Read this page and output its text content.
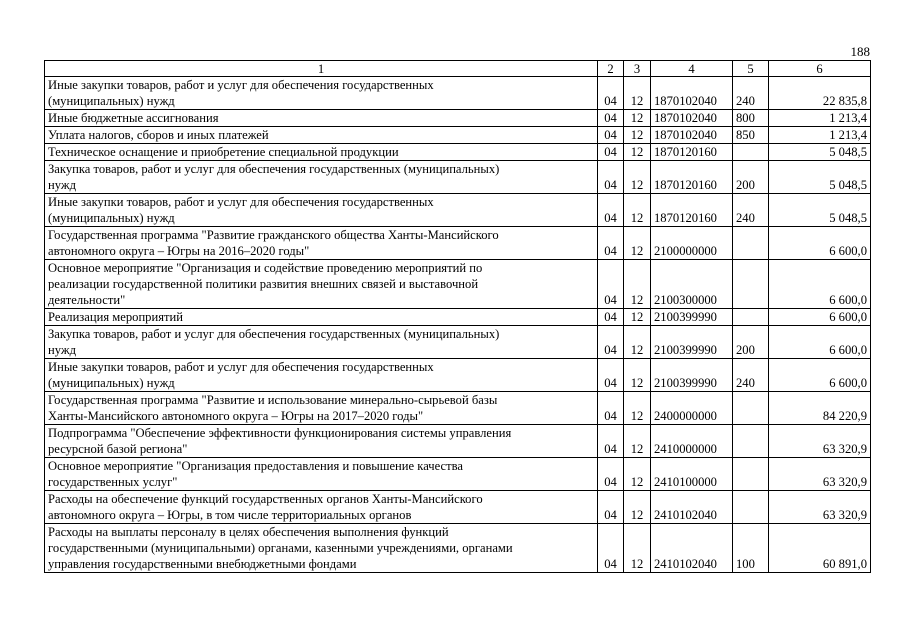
188
1	2	3	4	5	6

Иные закупки товаров, работ и услуг для обеспечения государственных
(муниципальных) нужд	04	12	1870102040	240	22 835,8

Иные бюджетные ассигнования	04	12	1870102040	800	1 213,4

Уплата налогов, сборов и иных платежей	04	12	1870102040	850	1 213,4

Техническое оснащение и приобретение специальной продукции	04	12	1870120160		5 048,5

Закупка товаров, работ и услуг для обеспечения государственных (муниципальных)
нужд	04	12	1870120160	200	5 048,5

Иные закупки товаров, работ и услуг для обеспечения государственных
(муниципальных) нужд	04	12	1870120160	240	5 048,5

Государственная программа "Развитие гражданского общества Ханты-Мансийского
автономного округа – Югры на 2016–2020 годы"	04	12	2100000000		6 600,0

Основное мероприятие "Организация и содействие проведению мероприятий по
реализации государственной политики развития внешних связей и выставочной
деятельности"	04	12	2100300000		6 600,0

Реализация мероприятий	04	12	2100399990		6 600,0

Закупка товаров, работ и услуг для обеспечения государственных (муниципальных)
нужд	04	12	2100399990	200	6 600,0

Иные закупки товаров, работ и услуг для обеспечения государственных
(муниципальных) нужд	04	12	2100399990	240	6 600,0

Государственная программа "Развитие и использование минерально-сырьевой базы
Ханты-Мансийского автономного округа – Югры на 2017–2020 годы"	04	12	2400000000		84 220,9

Подпрограмма "Обеспечение эффективности функционирования системы управления
ресурсной базой региона"	04	12	2410000000		63 320,9

Основное мероприятие "Организация предоставления и повышение качества
государственных услуг"	04	12	2410100000		63 320,9

Расходы на обеспечение функций государственных органов Ханты-Мансийского
автономного округа – Югры, в том числе территориальных органов	04	12	2410102040		63 320,9

Расходы на выплаты персоналу в целях обеспечения выполнения функций
государственными (муниципальными) органами, казенными учреждениями, органами
управления государственными внебюджетными фондами	04	12	2410102040	100	60 891,0
